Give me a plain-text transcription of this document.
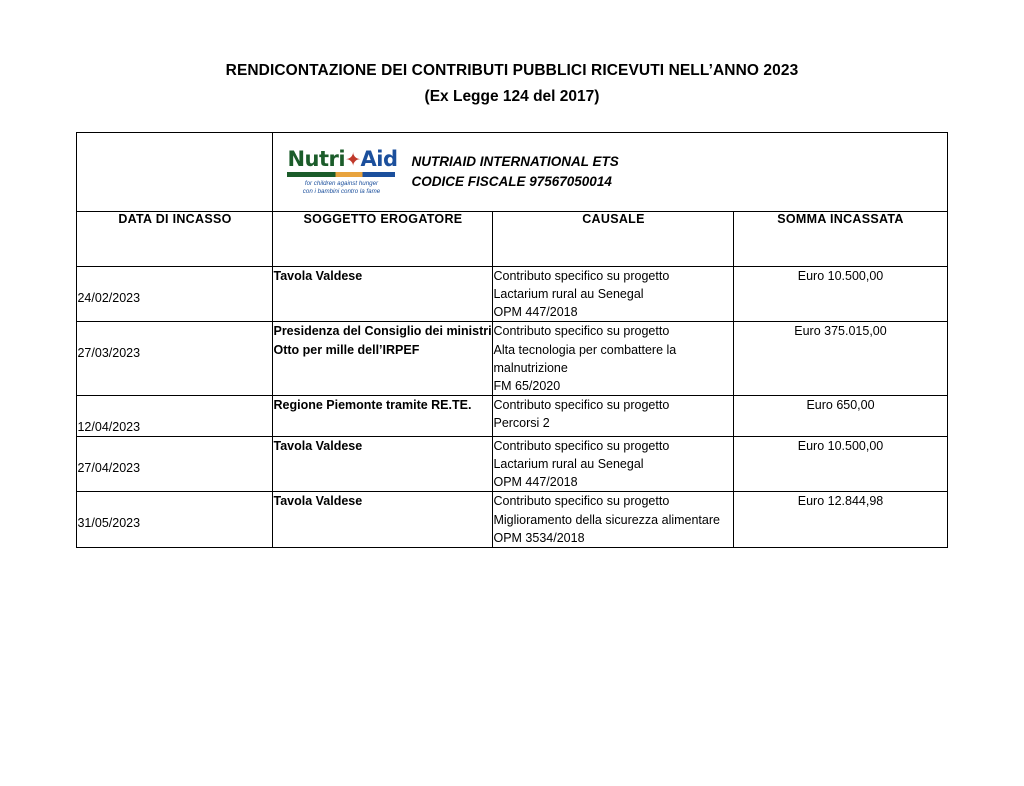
RENDICONTAZIONE DEI CONTRIBUTI PUBBLICI RICEVUTI NELL’ANNO 2023
(Ex Legge 124 del 2017)

	Nutri✦Aid
for children against hunger
con i bambini contro la fame
NUTRIAID INTERNATIONAL ETS
CODICE FISCALE 97567050014		

DATA DI INCASSO	SOGGETTO EROGATORE	CAUSALE	SOMMA INCASSATA
24/02/2023	Tavola Valdese	Contributo specifico su progetto
Lactarium rural au Senegal
OPM 447/2018	Euro 10.500,00
27/03/2023	Presidenza del Consiglio dei ministri Otto per mille dell’IRPEF	Contributo specifico su progetto
Alta tecnologia per combattere la malnutrizione
FM 65/2020	Euro 375.015,00
12/04/2023	Regione Piemonte tramite RE.TE.	Contributo specifico su progetto
Percorsi 2	Euro 650,00
27/04/2023	Tavola Valdese	Contributo specifico su progetto
Lactarium rural au Senegal
OPM 447/2018	Euro 10.500,00
31/05/2023	Tavola Valdese	Contributo specifico su progetto
Miglioramento della sicurezza alimentare
OPM 3534/2018	Euro 12.844,98
